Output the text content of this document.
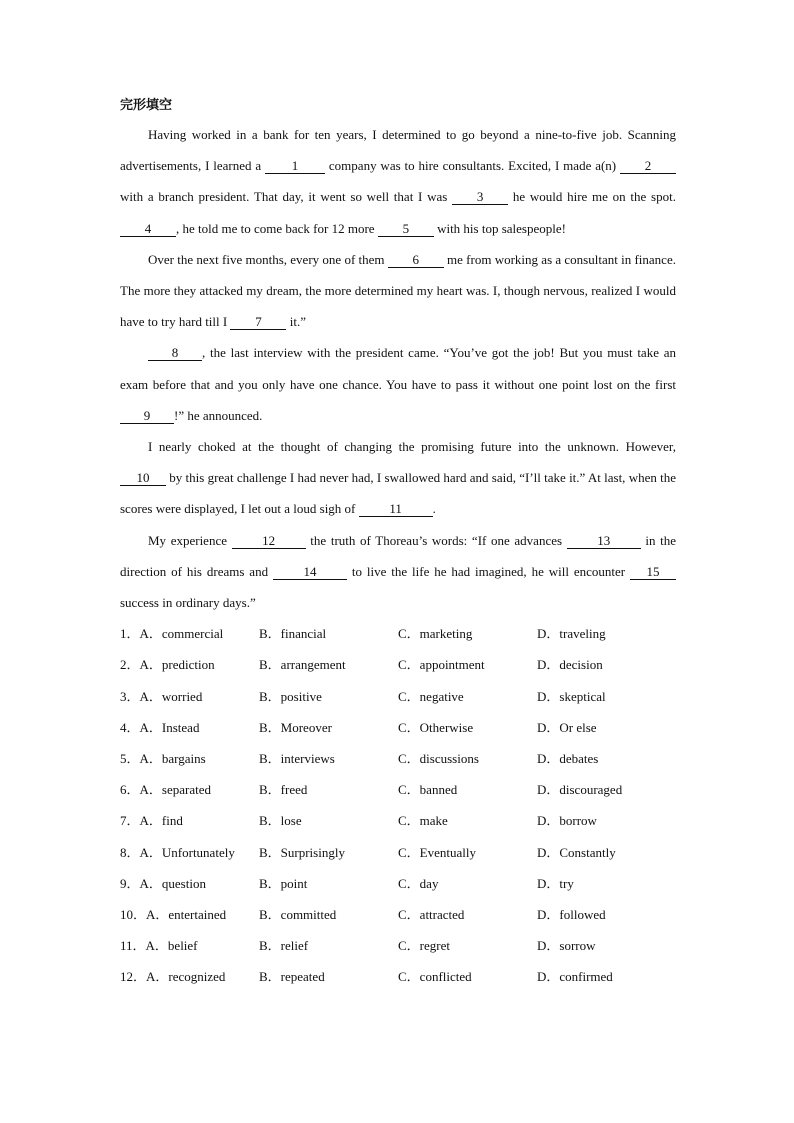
完形填空

Having worked in a bank for ten years, I determined to go beyond a nine-to-five job. Scanning advertisements, I learned a 1 company was to hire consultants. Excited, I made a(n) 2 with a branch president. That day, it went so well that I was 3 he would hire me on the spot. 4 , he told me to come back for 12 more 5 with his top salespeople!

Over the next five months, every one of them 6 me from working as a consultant in finance. The more they attacked my dream, the more determined my heart was. I, though nervous, realized I would have to try hard till I 7 it.”

8 , the last interview with the president came. “You’ve got the job! But you must take an exam before that and you only have one chance. You have to pass it without one point lost on the first 9 !” he announced.

I nearly choked at the thought of changing the promising future into the unknown. However, 10 by this great challenge I had never had, I swallowed hard and said, “I’ll take it.” At last, when the scores were displayed, I let out a loud sigh of 11 .

My experience 12 the truth of Thoreau’s words: “If one advances 13 in the direction of his dreams and 14 to live the life he had imagined, he will encounter 15 success in ordinary days.”

1．A．commercial	B．financial	C．marketing	D．traveling
2．A．prediction	B．arrangement	C．appointment	D．decision
3．A．worried	B．positive	C．negative	D．skeptical
4．A．Instead	B．Moreover	C．Otherwise	D．Or else
5．A．bargains	B．interviews	C．discussions	D．debates
6．A．separated	B．freed	C．banned	D．discouraged
7．A．find	B．lose	C．make	D．borrow
8．A．Unfortunately	B．Surprisingly	C．Eventually	D．Constantly
9．A．question	B．point	C．day	D．try
10．A．entertained	B．committed	C．attracted	D．followed
11．A．belief	B．relief	C．regret	D．sorrow
12．A．recognized	B．repeated	C．conflicted	D．confirmed
